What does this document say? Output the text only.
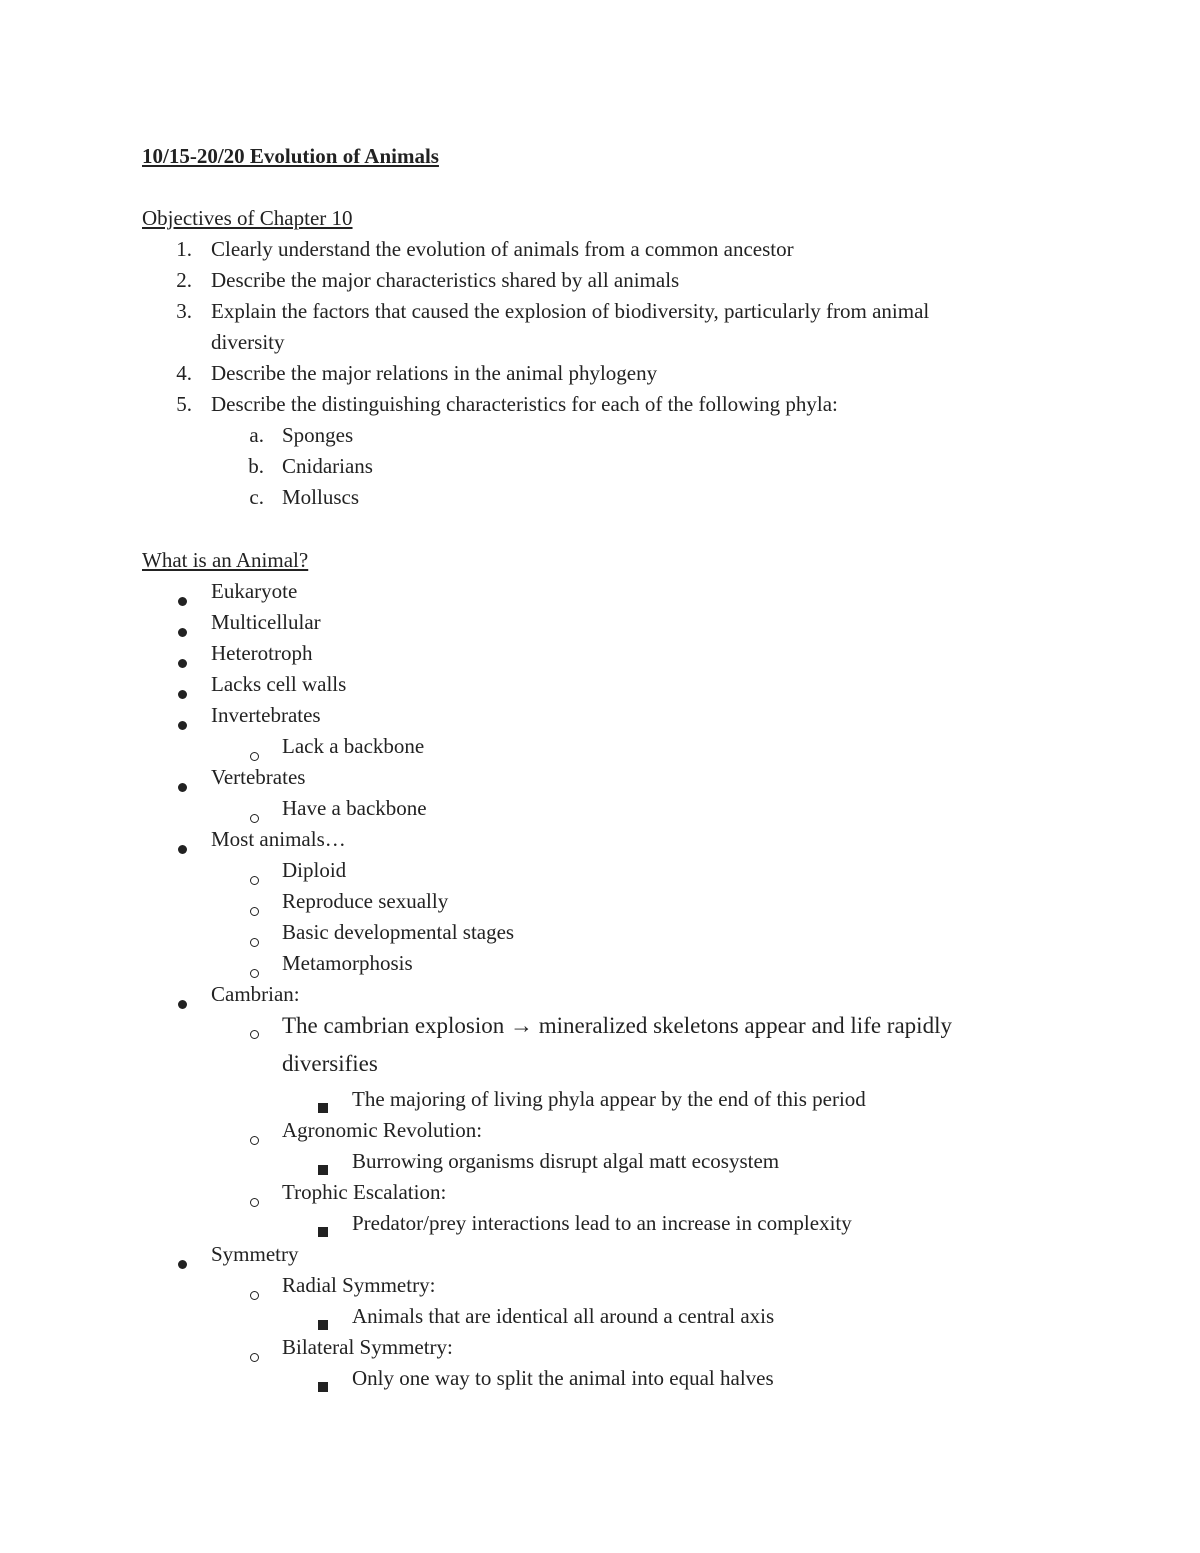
10/15-20/20 Evolution of Animals
Objectives of Chapter 10
1. Clearly understand the evolution of animals from a common ancestor
2. Describe the major characteristics shared by all animals
3. Explain the factors that caused the explosion of biodiversity, particularly from animal
diversity
4. Describe the major relations in the animal phylogeny
5. Describe the distinguishing characteristics for each of the following phyla:
a. Sponges
b. Cnidarians
c. Molluscs
What is an Animal?
Eukaryote
Multicellular
Heterotroph
Lacks cell walls
Invertebrates
Lack a backbone
Vertebrates
Have a backbone
Most animals…
Diploid
Reproduce sexually
Basic developmental stages
Metamorphosis
Cambrian:
The cambrian explosion → mineralized skeletons appear and life rapidly
diversifies
The majoring of living phyla appear by the end of this period
Agronomic Revolution:
Burrowing organisms disrupt algal matt ecosystem
Trophic Escalation:
Predator/prey interactions lead to an increase in complexity
Symmetry
Radial Symmetry:
Animals that are identical all around a central axis
Bilateral Symmetry:
Only one way to split the animal into equal halves
